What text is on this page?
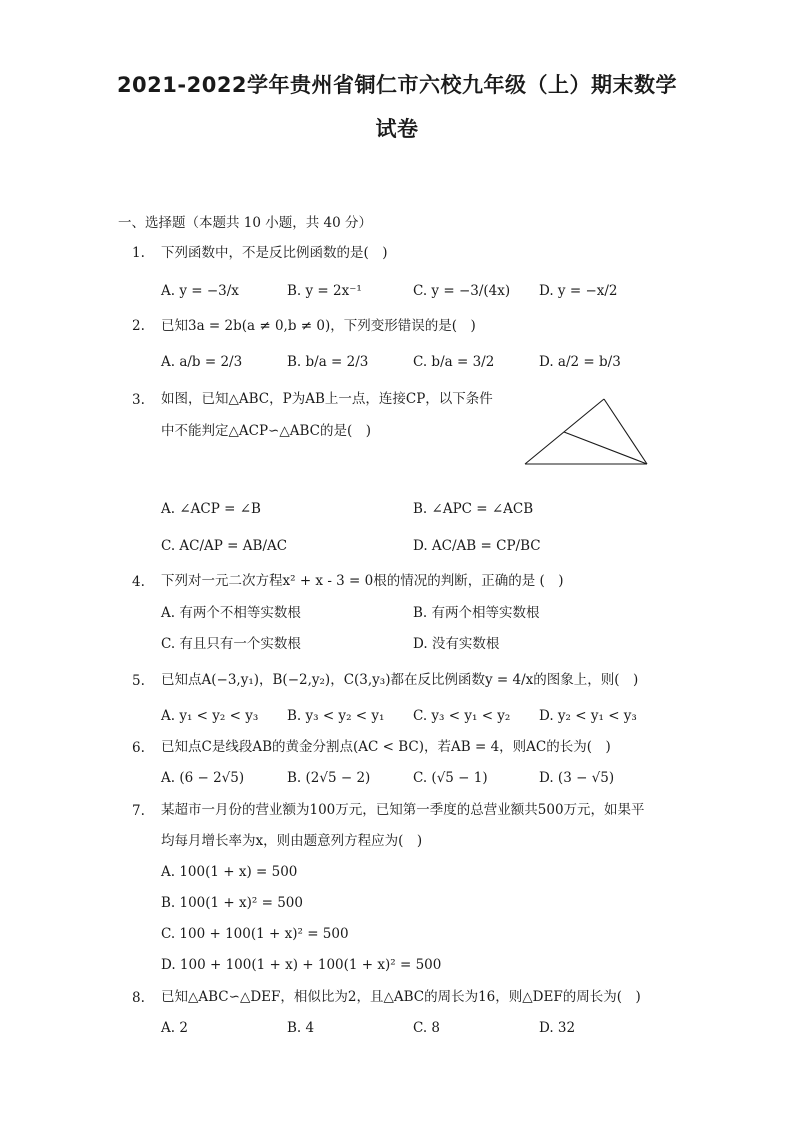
2021-2022学年贵州省铜仁市六校九年级（上）期末数学
试卷
一、选择题（本题共 10 小题，共 40 分）
1. 下列函数中，不是反比例函数的是(　)
A. y = −3/x	B. y = 2x⁻¹	C. y = −3/(4x) D. y = −x/2
2. 已知3a = 2b(a ≠ 0,b ≠ 0)，下列变形错误的是(　)
A. a/b = 2/3	B. b/a = 2/3	C. b/a = 3/2	D. a/2 = b/3
3. 如图，已知△ABC，P为AB上一点，连接CP，以下条件
中不能判定△ACP∽△ABC的是(　)
A. ∠ACP = ∠B	B. ∠APC = ∠ACB
C. AC/AP = AB/AC	D. AC/AB = CP/BC
4. 下列对一元二次方程x² + x - 3 = 0根的情况的判断，正确的是 (　)
A. 有两个不相等实数根	B. 有两个相等实数根
C. 有且只有一个实数根	D. 没有实数根
5. 已知点A(−3,y₁)，B(−2,y₂)，C(3,y₃)都在反比例函数y = 4/x的图象上，则(　)
A. y₁ < y₂ < y₃ B. y₃ < y₂ < y₁ C. y₃ < y₁ < y₂ D. y₂ < y₁ < y₃
6. 已知点C是线段AB的黄金分割点(AC < BC)，若AB = 4，则AC的长为(　)
A. (6 − 2√5)	B. (2√5 − 2)	C. (√5 − 1)	D. (3 − √5)
7. 某超市一月份的营业额为100万元，已知第一季度的总营业额共500万元，如果平
均每月增长率为x，则由题意列方程应为(　)
A. 100(1 + x) = 500
B. 100(1 + x)² = 500
C. 100 + 100(1 + x)² = 500
D. 100 + 100(1 + x) + 100(1 + x)² = 500
8. 已知△ABC∽△DEF，相似比为2，且△ABC的周长为16，则△DEF的周长为(　)
A. 2	B. 4	C. 8	D. 32
